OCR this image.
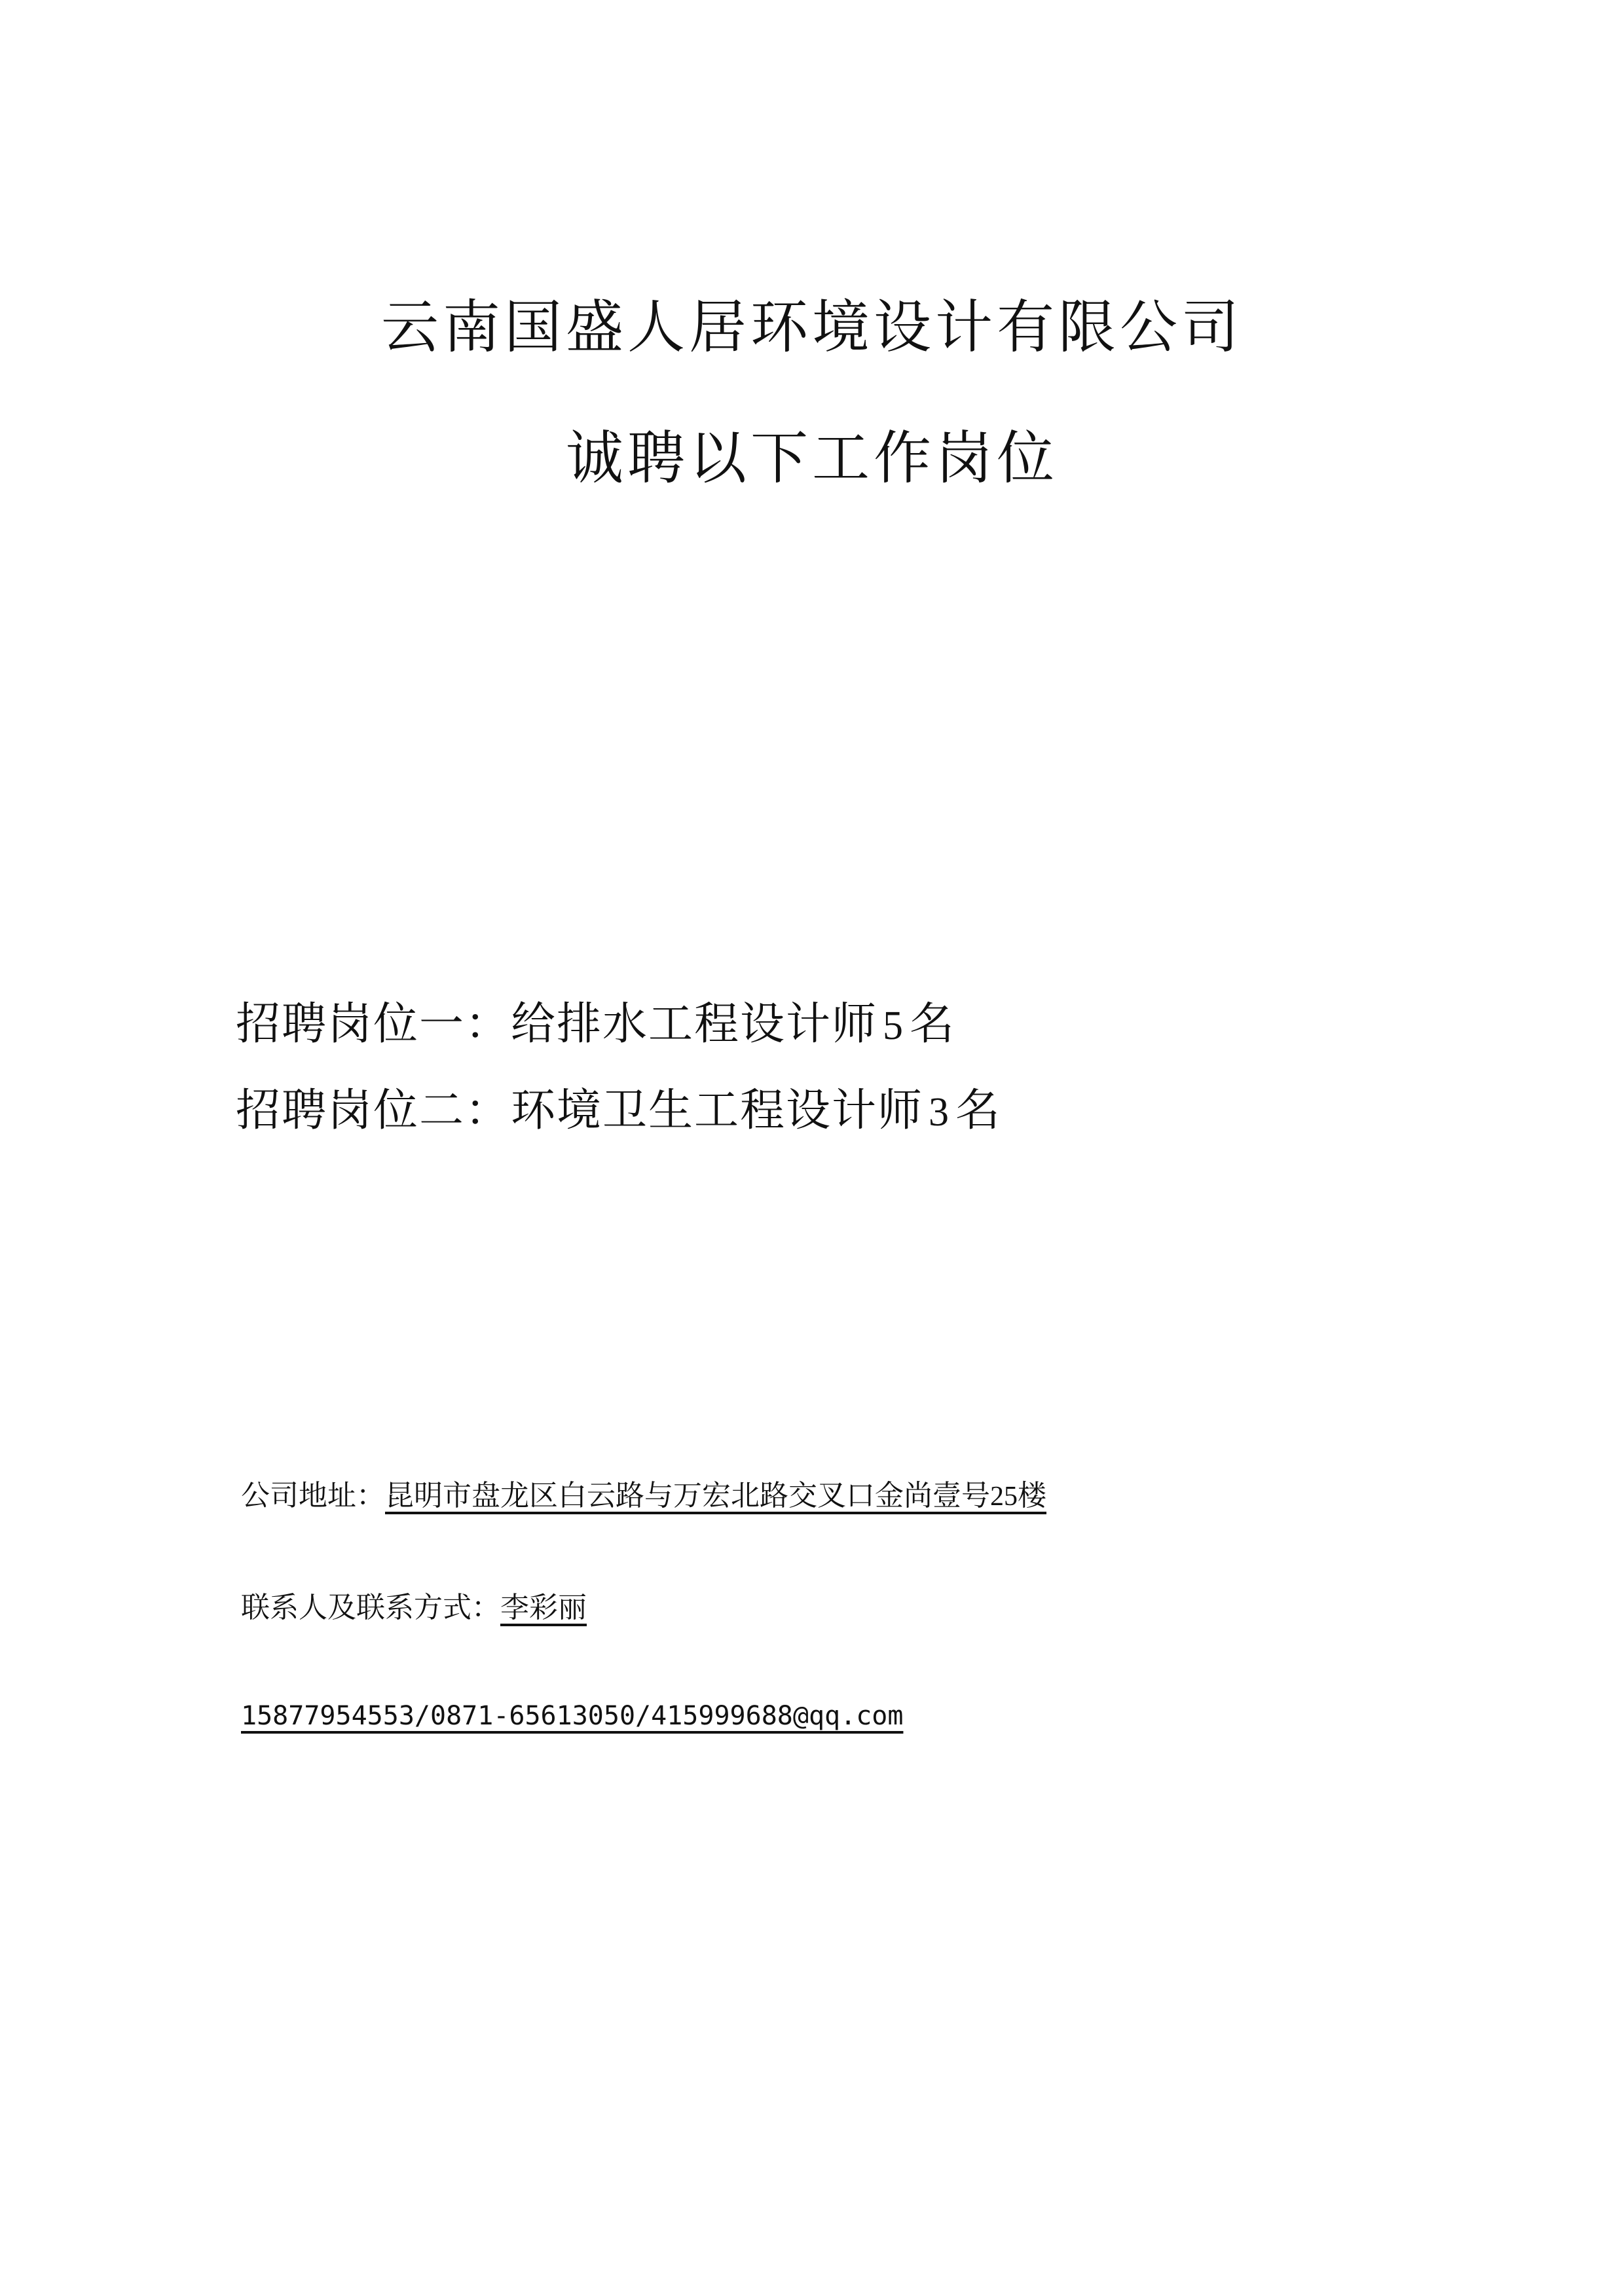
云南国盛人居环境设计有限公司
诚聘以下工作岗位
招聘岗位一：给排水工程设计师 5 名
招聘岗位二：环境卫生工程设计师 3 名
公司地址：昆明市盘龙区白云路与万宏北路交叉口金尚壹号25楼
联系人及联系方式：李彩丽
15877954553/0871-65613050/415999688@qq.com
